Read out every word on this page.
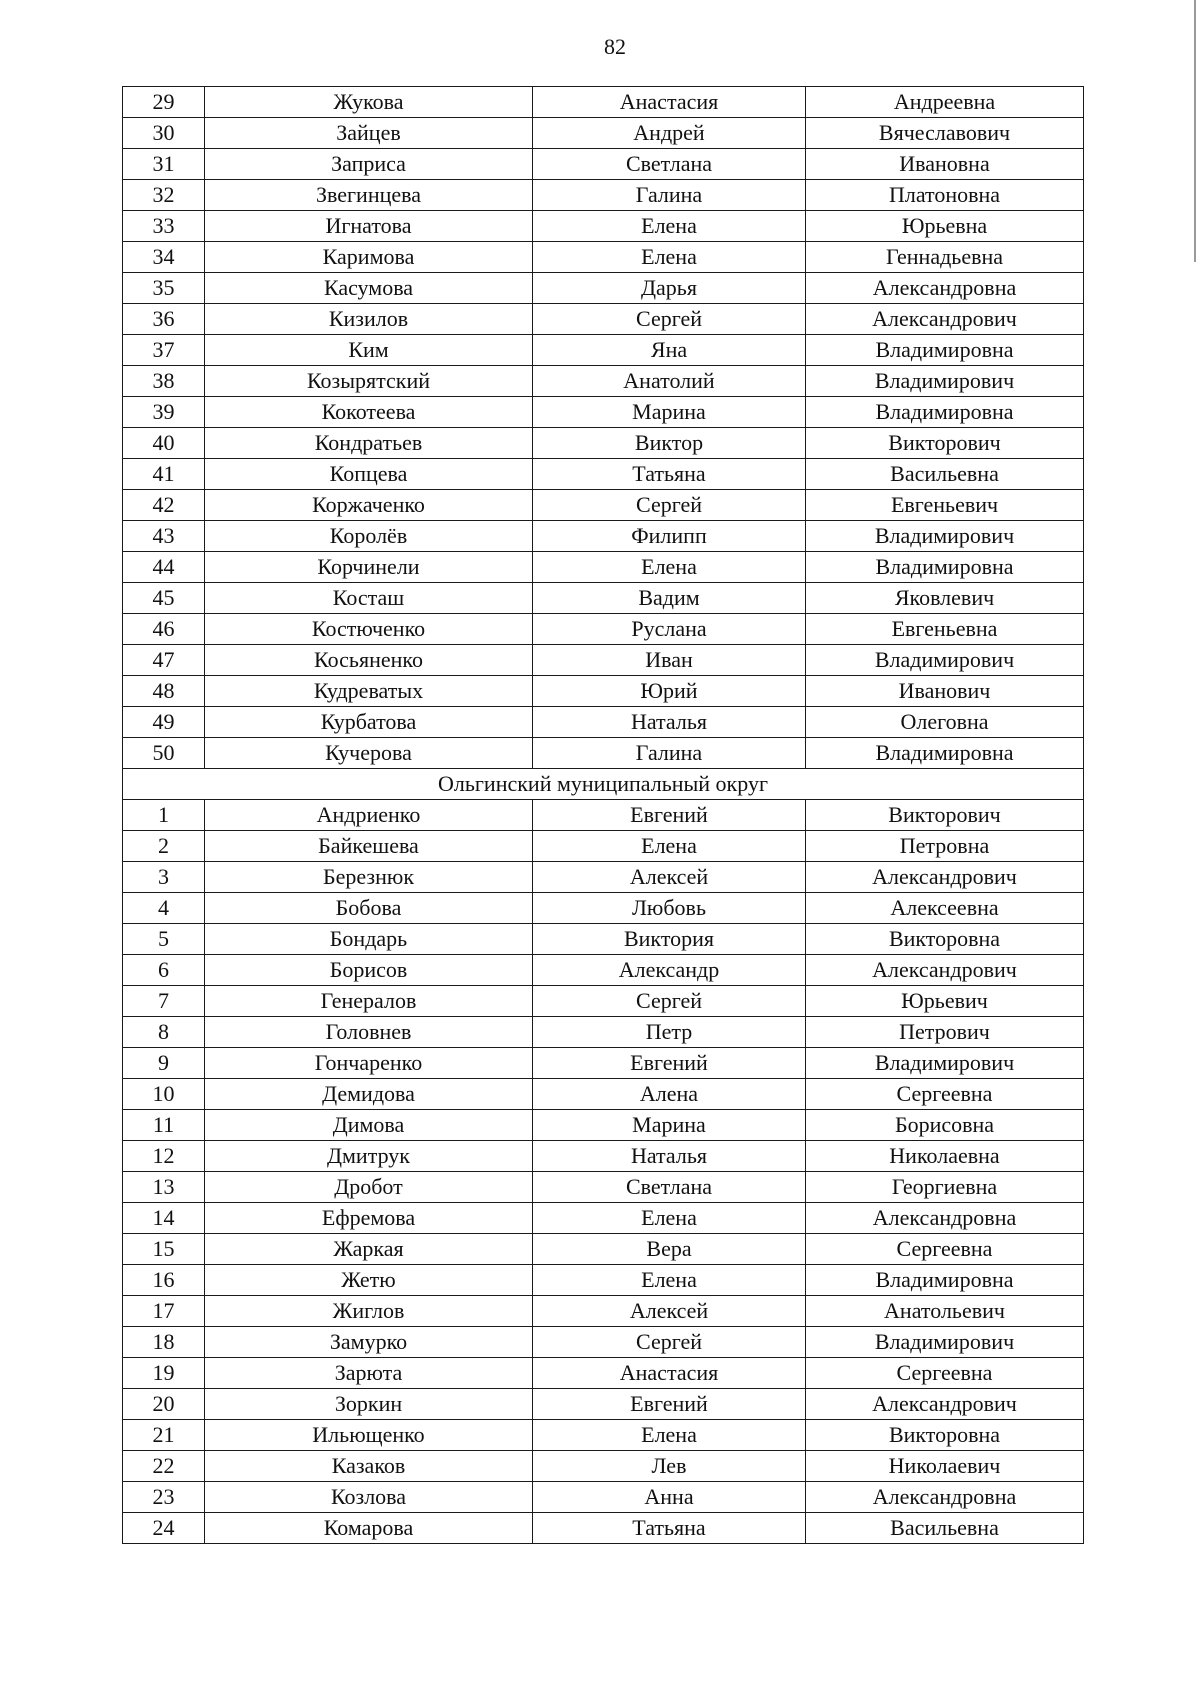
82
29	Жукова	Анастасия	Андреевна
30	Зайцев	Андрей	Вячеславович
31	Заприса	Светлана	Ивановна
32	Звегинцева	Галина	Платоновна
33	Игнатова	Елена	Юрьевна
34	Каримова	Елена	Геннадьевна
35	Касумова	Дарья	Александровна
36	Кизилов	Сергей	Александрович
37	Ким	Яна	Владимировна
38	Козырятский	Анатолий	Владимирович
39	Кокотеева	Марина	Владимировна
40	Кондратьев	Виктор	Викторович
41	Копцева	Татьяна	Васильевна
42	Коржаченко	Сергей	Евгеньевич
43	Королёв	Филипп	Владимирович
44	Корчинели	Елена	Владимировна
45	Косташ	Вадим	Яковлевич
46	Костюченко	Руслана	Евгеньевна
47	Косьяненко	Иван	Владимирович
48	Кудреватых	Юрий	Иванович
49	Курбатова	Наталья	Олеговна
50	Кучерова	Галина	Владимировна
Ольгинский муниципальный округ			
1	Андриенко	Евгений	Викторович
2	Байкешева	Елена	Петровна
3	Березнюк	Алексей	Александрович
4	Бобова	Любовь	Алексеевна
5	Бондарь	Виктория	Викторовна
6	Борисов	Александр	Александрович
7	Генералов	Сергей	Юрьевич
8	Головнев	Петр	Петрович
9	Гончаренко	Евгений	Владимирович
10	Демидова	Алена	Сергеевна
11	Димова	Марина	Борисовна
12	Дмитрук	Наталья	Николаевна
13	Дробот	Светлана	Георгиевна
14	Ефремова	Елена	Александровна
15	Жаркая	Вера	Сергеевна
16	Жетю	Елена	Владимировна
17	Жиглов	Алексей	Анатольевич
18	Замурко	Сергей	Владимирович
19	Зарюта	Анастасия	Сергеевна
20	Зоркин	Евгений	Александрович
21	Ильющенко	Елена	Викторовна
22	Казаков	Лев	Николаевич
23	Козлова	Анна	Александровна
24	Комарова	Татьяна	Васильевна
